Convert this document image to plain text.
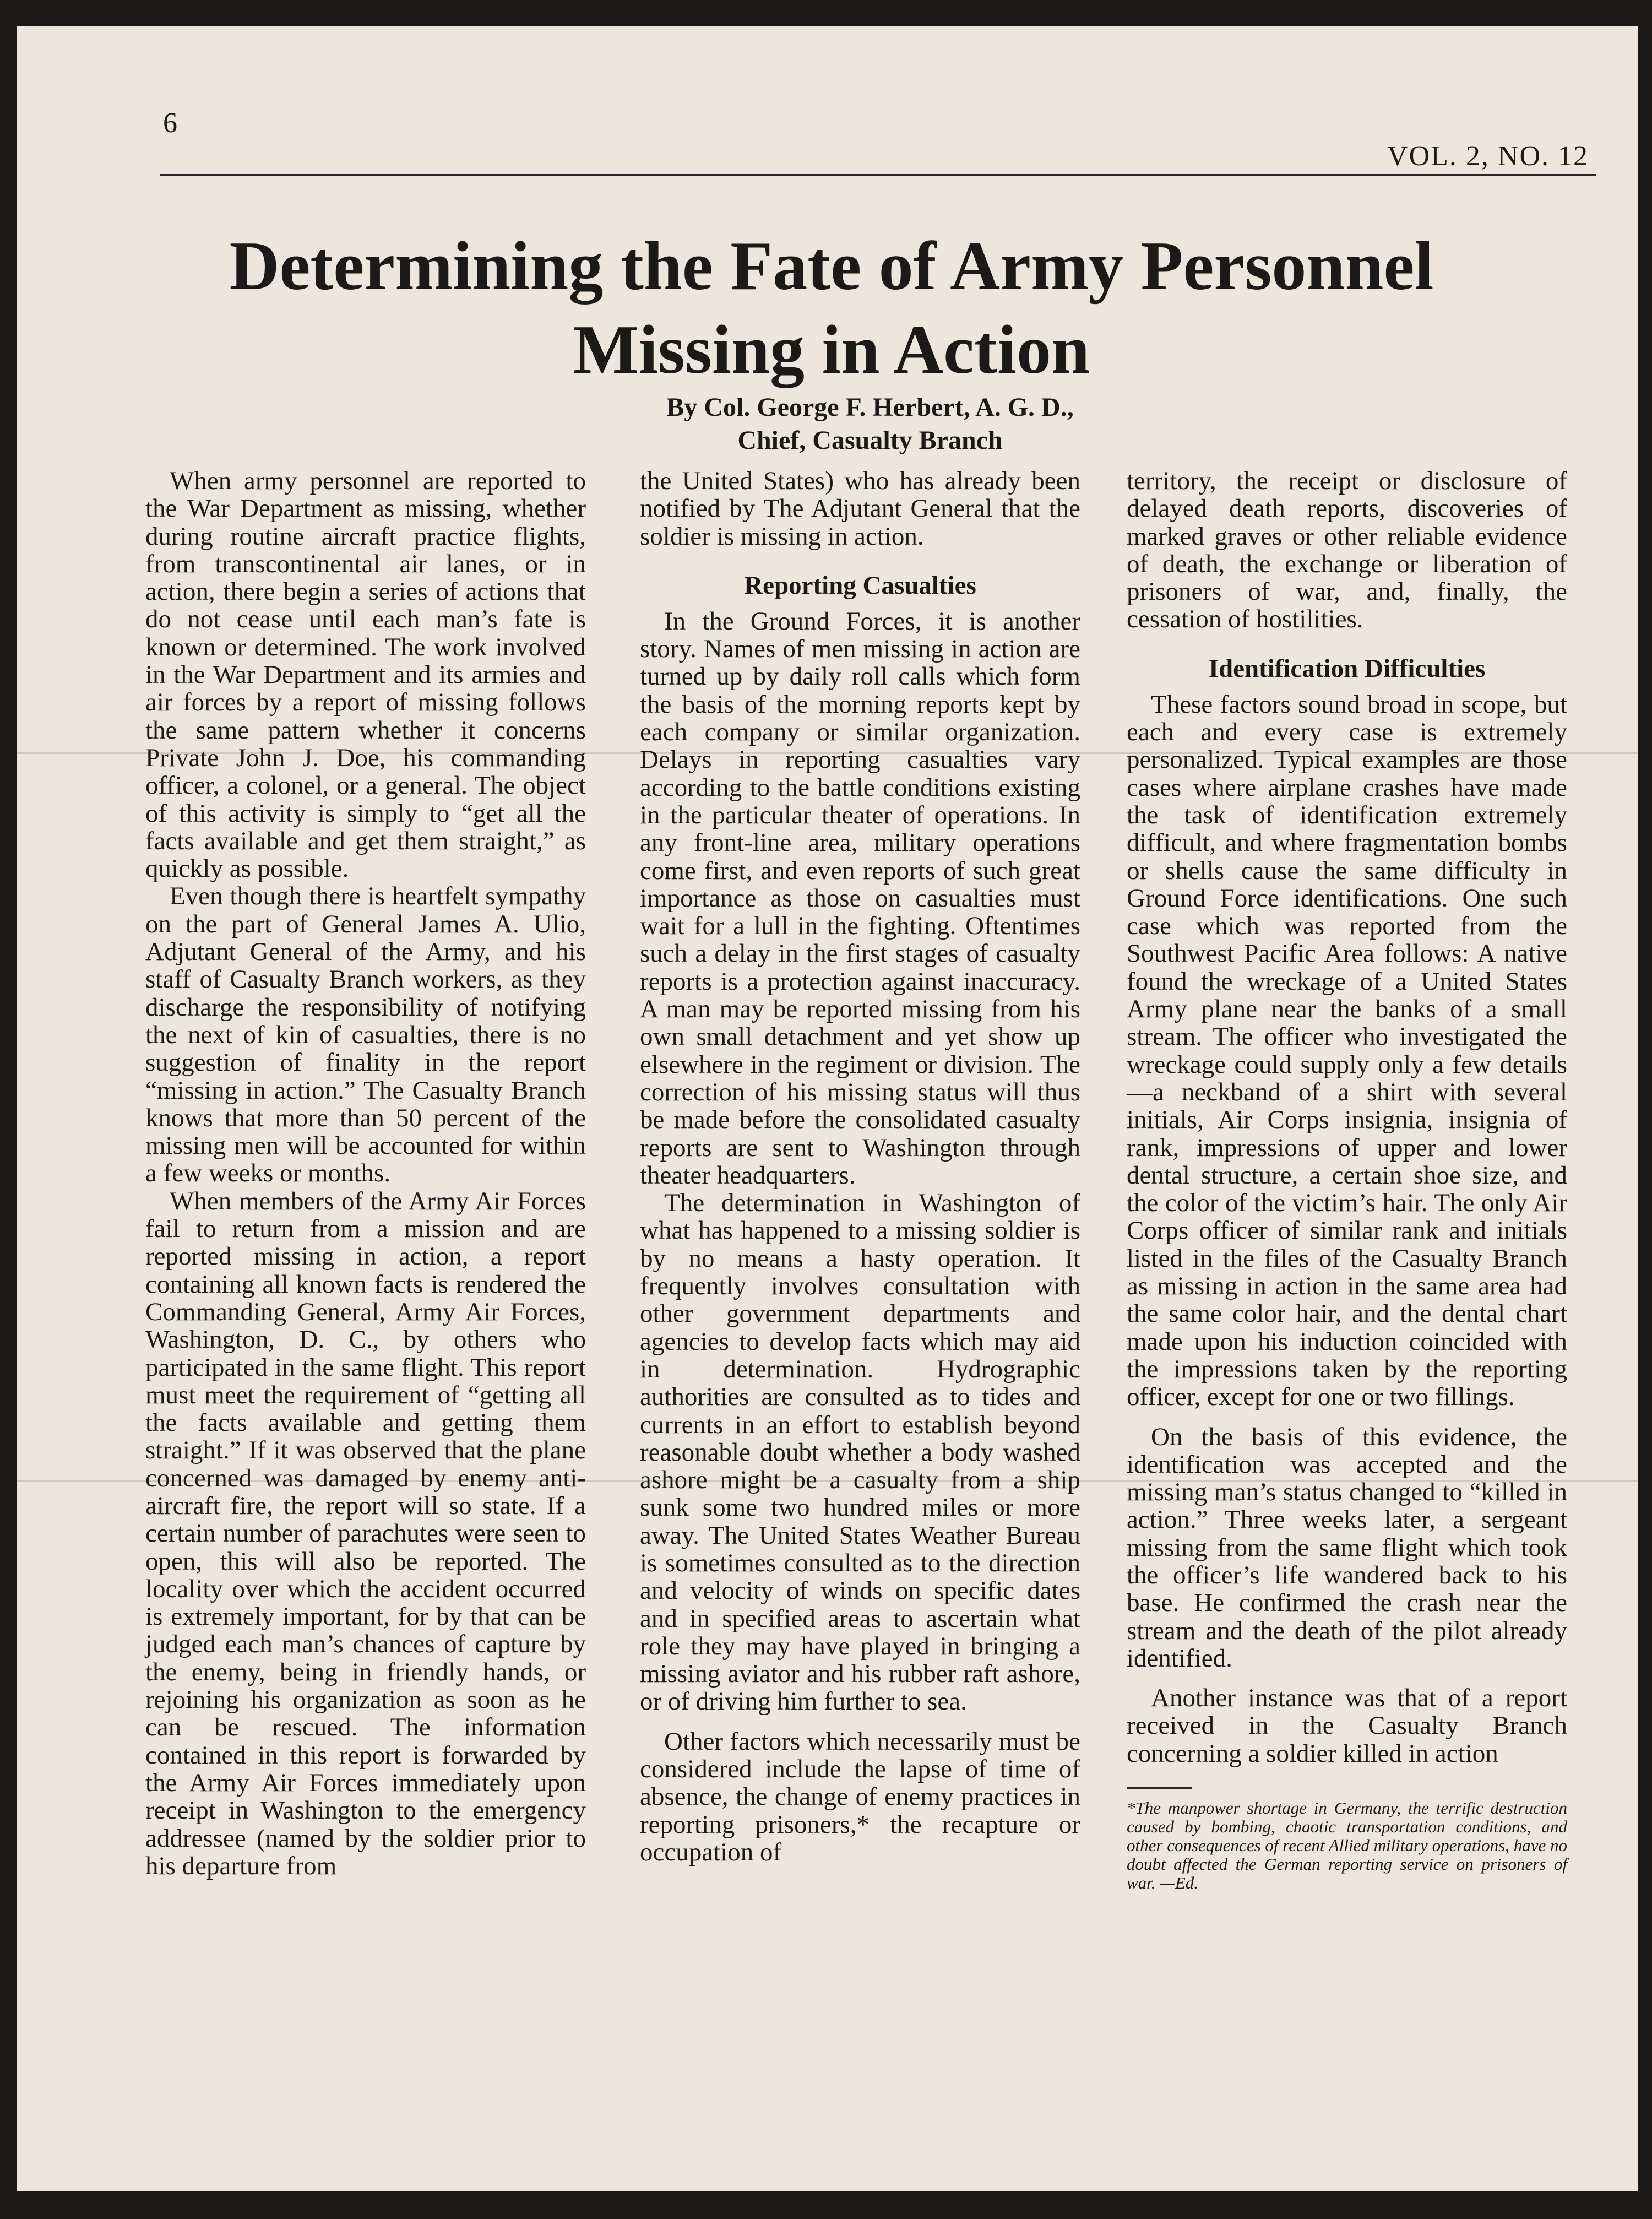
6
VOL. 2, NO. 12
Determining the Fate of Army Personnel Missing in Action
By Col. George F. Herbert, A. G. D.,
Chief, Casualty Branch

When army personnel are reported to the War Department as missing, whether during routine aircraft practice flights, from transcontinental air lanes, or in action, there begin a series of actions that do not cease until each man’s fate is known or determined. The work involved in the War Department and its armies and air forces by a report of missing follows the same pattern whether it concerns Private John J. Doe, his commanding officer, a colonel, or a general. The object of this activity is simply to “get all the facts available and get them straight,” as quickly as possible.

Even though there is heartfelt sympathy on the part of General James A. Ulio, Adjutant General of the Army, and his staff of Casualty Branch workers, as they discharge the responsibility of notifying the next of kin of casualties, there is no suggestion of finality in the report “missing in action.” The Casualty Branch knows that more than 50 percent of the missing men will be accounted for within a few weeks or months.

When members of the Army Air Forces fail to return from a mission and are reported missing in action, a report containing all known facts is rendered the Commanding General, Army Air Forces, Washington, D. C., by others who participated in the same flight. This report must meet the requirement of “getting all the facts available and getting them straight.” If it was observed that the plane concerned was damaged by enemy anti-aircraft fire, the report will so state. If a certain number of parachutes were seen to open, this will also be reported. The locality over which the accident occurred is extremely important, for by that can be judged each man’s chances of capture by the enemy, being in friendly hands, or rejoining his organization as soon as he can be rescued. The information contained in this report is forwarded by the Army Air Forces immediately upon receipt in Washington to the emergency addressee (named by the soldier prior to his departure from

the United States) who has already been notified by The Adjutant General that the soldier is missing in action.

Reporting Casualties

In the Ground Forces, it is another story. Names of men missing in action are turned up by daily roll calls which form the basis of the morning reports kept by each company or similar organization. Delays in reporting casualties vary according to the battle conditions existing in the particular theater of operations. In any front-line area, military operations come first, and even reports of such great importance as those on casualties must wait for a lull in the fighting. Oftentimes such a delay in the first stages of casualty reports is a protection against inaccuracy. A man may be reported missing from his own small detachment and yet show up elsewhere in the regiment or division. The correction of his missing status will thus be made before the consolidated casualty reports are sent to Washington through theater headquarters.

The determination in Washington of what has happened to a missing soldier is by no means a hasty operation. It frequently involves consultation with other government departments and agencies to develop facts which may aid in determination. Hydrographic authorities are consulted as to tides and currents in an effort to establish beyond reasonable doubt whether a body washed ashore might be a casualty from a ship sunk some two hundred miles or more away. The United States Weather Bureau is sometimes consulted as to the direction and velocity of winds on specific dates and in specified areas to ascertain what role they may have played in bringing a missing aviator and his rubber raft ashore, or of driving him further to sea.

Other factors which necessarily must be considered include the lapse of time of absence, the change of enemy practices in reporting prisoners,* the recapture or occupation of

territory, the receipt or disclosure of delayed death reports, discoveries of marked graves or other reliable evidence of death, the exchange or liberation of prisoners of war, and, finally, the cessation of hostilities.

Identification Difficulties

These factors sound broad in scope, but each and every case is extremely personalized. Typical examples are those cases where airplane crashes have made the task of identification extremely difficult, and where fragmentation bombs or shells cause the same difficulty in Ground Force identifications. One such case which was reported from the Southwest Pacific Area follows: A native found the wreckage of a United States Army plane near the banks of a small stream. The officer who investigated the wreckage could supply only a few details—a neckband of a shirt with several initials, Air Corps insignia, insignia of rank, impressions of upper and lower dental structure, a certain shoe size, and the color of the victim’s hair. The only Air Corps officer of similar rank and initials listed in the files of the Casualty Branch as missing in action in the same area had the same color hair, and the dental chart made upon his induction coincided with the impressions taken by the reporting officer, except for one or two fillings.

On the basis of this evidence, the identification was accepted and the missing man’s status changed to “killed in action.” Three weeks later, a sergeant missing from the same flight which took the officer’s life wandered back to his base. He confirmed the crash near the stream and the death of the pilot already identified.

Another instance was that of a report received in the Casualty Branch concerning a soldier killed in action

*The manpower shortage in Germany, the terrific destruction caused by bombing, chaotic transportation conditions, and other consequences of recent Allied military operations, have no doubt affected the German reporting service on prisoners of war. —Ed.
